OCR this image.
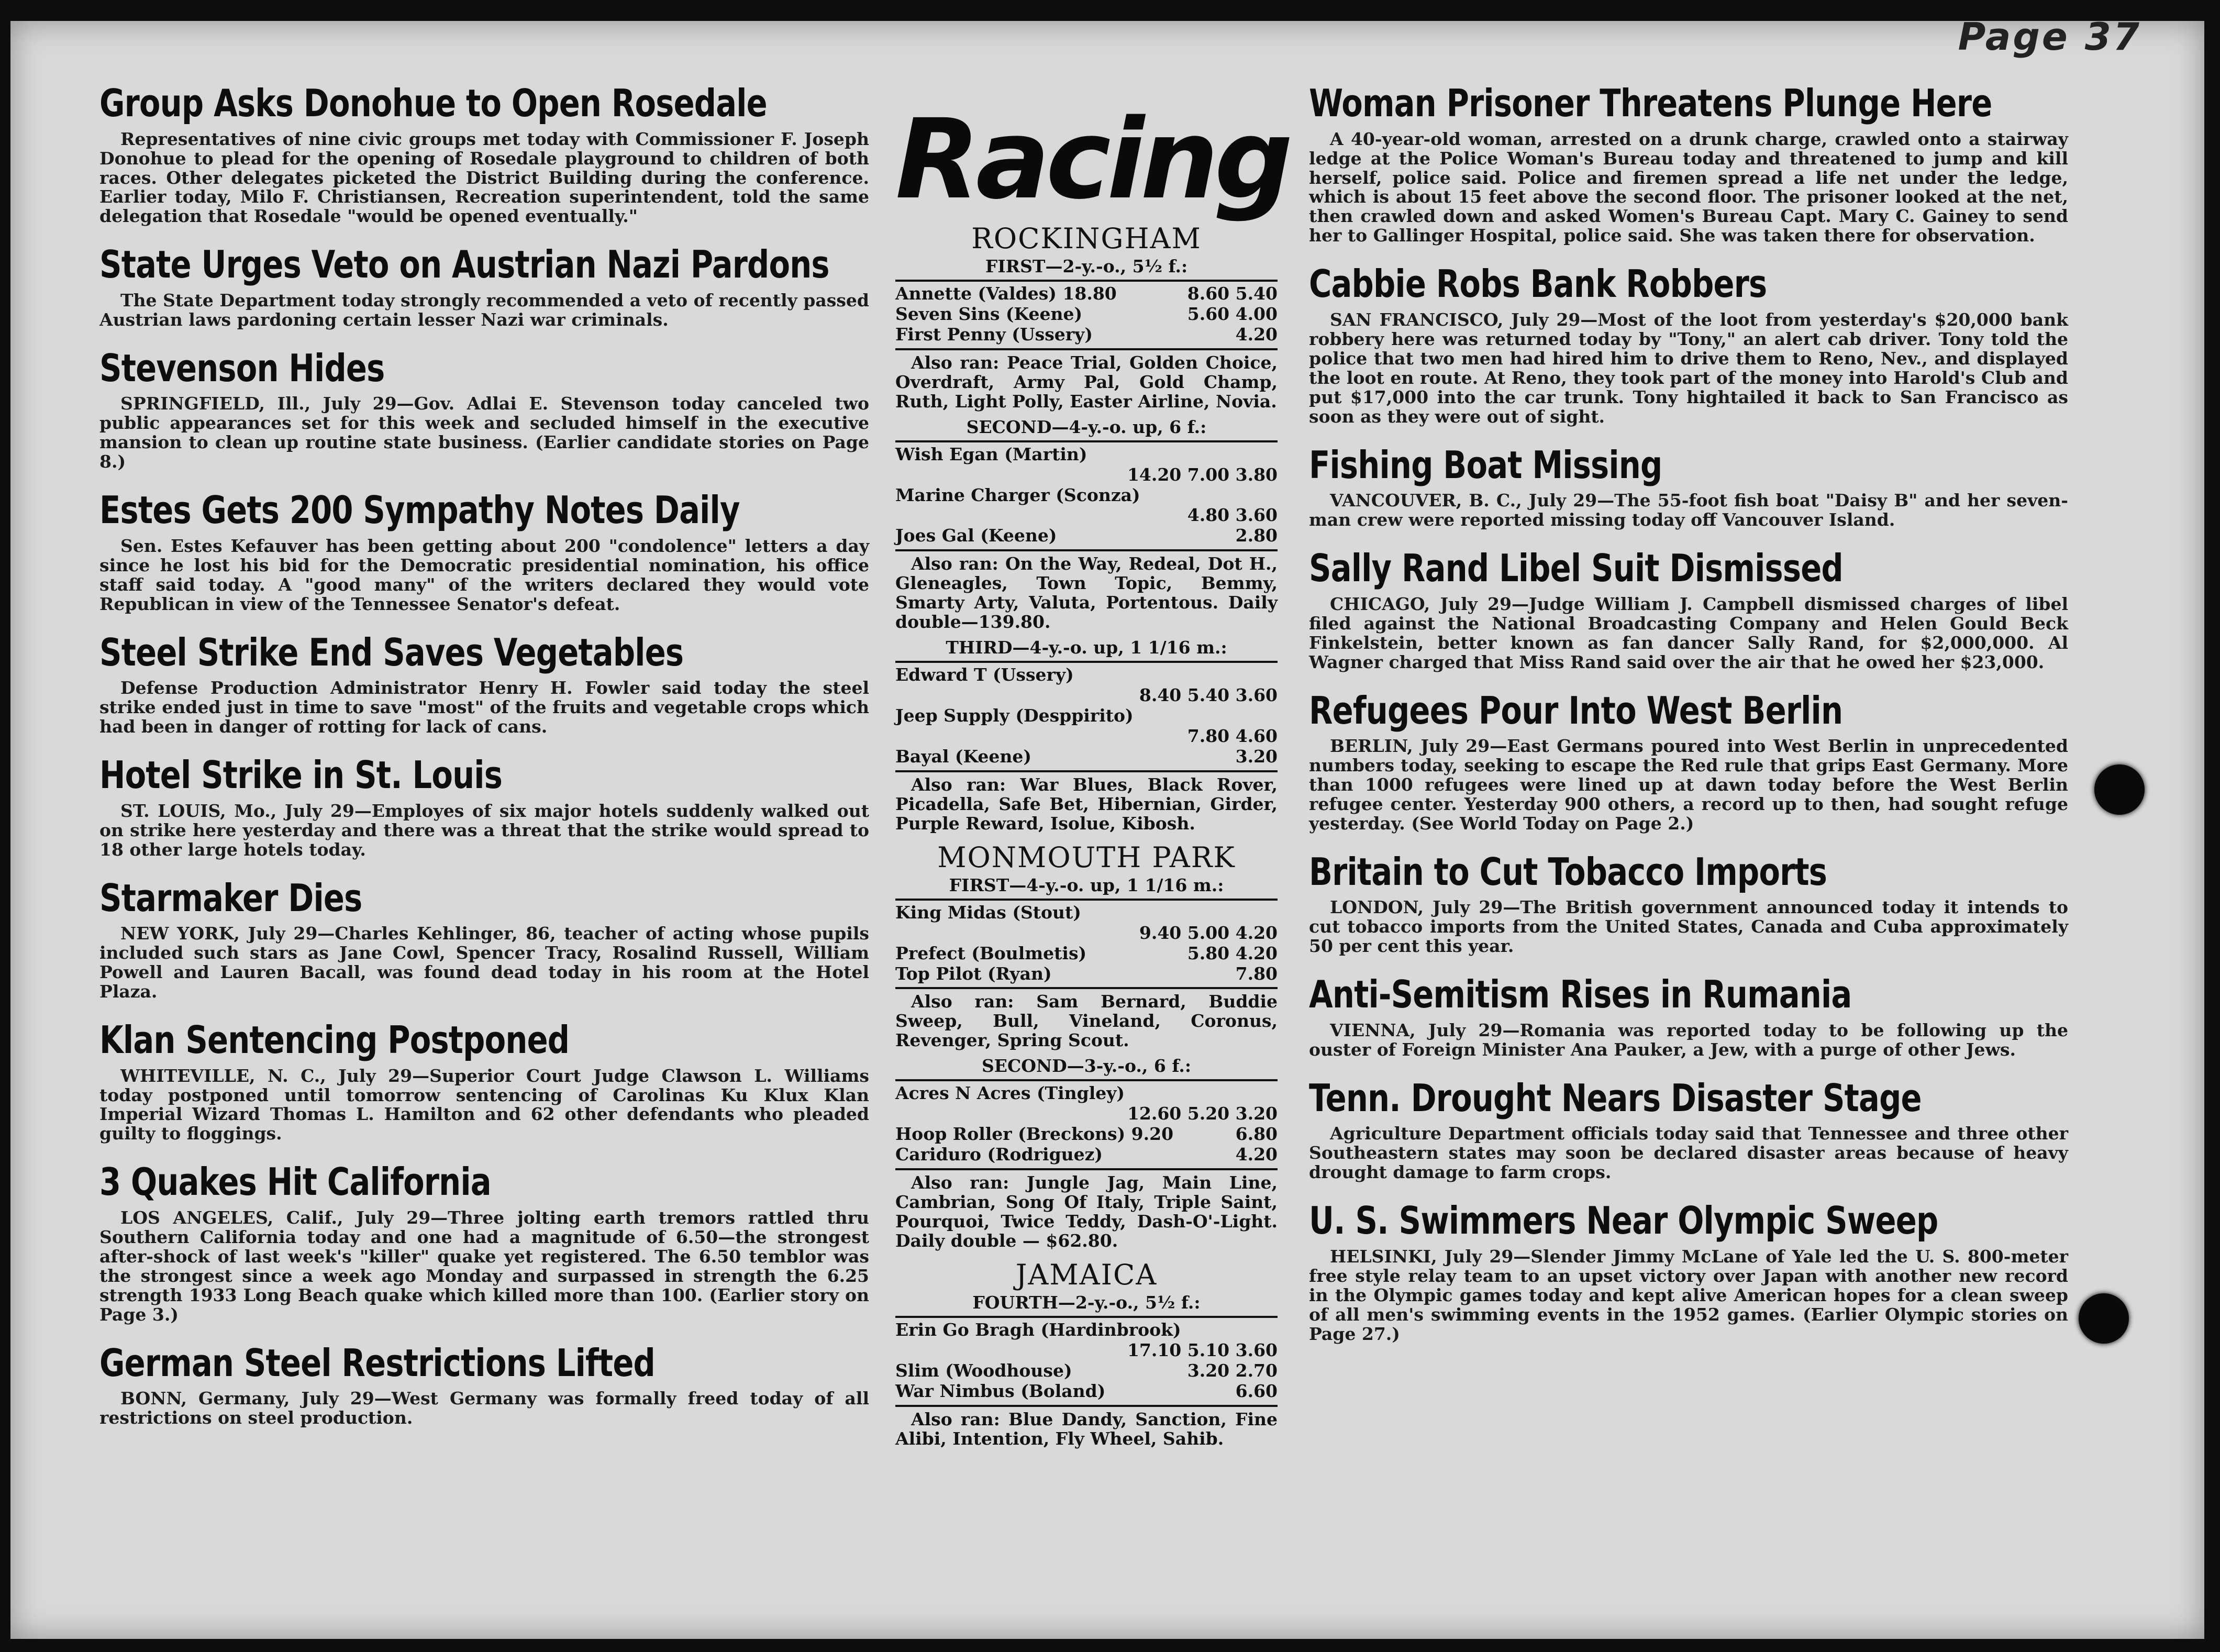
Page 37
Group Asks Donohue to Open Rosedale

Representatives of nine civic groups met today with Commissioner F. Joseph Donohue to plead for the opening of Rosedale playground to children of both races. Other delegates picketed the District Building during the conference. Earlier today, Milo F. Christiansen, Recreation superintendent, told the same delegation that Rosedale "would be opened eventually."

State Urges Veto on Austrian Nazi Pardons

The State Department today strongly recommended a veto of recently passed Austrian laws pardoning certain lesser Nazi war criminals.

Stevenson Hides

SPRINGFIELD, Ill., July 29—Gov. Adlai E. Stevenson today canceled two public appearances set for this week and secluded himself in the executive mansion to clean up routine state business. (Earlier candidate stories on Page 8.)

Estes Gets 200 Sympathy Notes Daily

Sen. Estes Kefauver has been getting about 200 "condolence" letters a day since he lost his bid for the Democratic presidential nomination, his office staff said today. A "good many" of the writers declared they would vote Republican in view of the Tennessee Senator's defeat.

Steel Strike End Saves Vegetables

Defense Production Administrator Henry H. Fowler said today the steel strike ended just in time to save "most" of the fruits and vegetable crops which had been in danger of rotting for lack of cans.

Hotel Strike in St. Louis

ST. LOUIS, Mo., July 29—Employes of six major hotels suddenly walked out on strike here yesterday and there was a threat that the strike would spread to 18 other large hotels today.

Starmaker Dies

NEW YORK, July 29—Charles Kehlinger, 86, teacher of acting whose pupils included such stars as Jane Cowl, Spencer Tracy, Rosalind Russell, William Powell and Lauren Bacall, was found dead today in his room at the Hotel Plaza.

Klan Sentencing Postponed

WHITEVILLE, N. C., July 29—Superior Court Judge Clawson L. Williams today postponed until tomorrow sentencing of Carolinas Ku Klux Klan Imperial Wizard Thomas L. Hamilton and 62 other defendants who pleaded guilty to floggings.

3 Quakes Hit California

LOS ANGELES, Calif., July 29—Three jolting earth tremors rattled thru Southern California today and one had a magnitude of 6.50—the strongest after-shock of last week's "killer" quake yet registered. The 6.50 temblor was the strongest since a week ago Monday and surpassed in strength the 6.25 strength 1933 Long Beach quake which killed more than 100. (Earlier story on Page 3.)

German Steel Restrictions Lifted

BONN, Germany, July 29—West Germany was formally freed today of all restrictions on steel production.

Racing
ROCKINGHAM
FIRST—2-y.-o., 5½ f.:
Annette (Valdes) 18.80	8.60 5.40
Seven Sins (Keene)	5.60 4.00
First Penny (Ussery)	4.20
Also ran: Peace Trial, Golden Choice, Overdraft, Army Pal, Gold Champ, Ruth, Light Polly, Easter Airline, Novia.
SECOND—4-y.-o. up, 6 f.:
Wish Egan (Martin)
14.20 7.00 3.80
Marine Charger (Sconza)
4.80 3.60
Joes Gal (Keene)	2.80
Also ran: On the Way, Redeal, Dot H., Gleneagles, Town Topic, Bemmy, Smarty Arty, Valuta, Portentous. Daily double—139.80.
THIRD—4-y.-o. up, 1 1/16 m.:
Edward T (Ussery)
8.40 5.40 3.60
Jeep Supply (Desppirito)
7.80 4.60
Bayal (Keene)	3.20
Also ran: War Blues, Black Rover, Picadella, Safe Bet, Hibernian, Girder, Purple Reward, Isolue, Kibosh.
MONMOUTH PARK
FIRST—4-y.-o. up, 1 1/16 m.:
King Midas (Stout)
9.40 5.00 4.20
Prefect (Boulmetis)	5.80 4.20
Top Pilot (Ryan)	7.80
Also ran: Sam Bernard, Buddie Sweep, Bull, Vineland, Coronus, Revenger, Spring Scout.
SECOND—3-y.-o., 6 f.:
Acres N Acres (Tingley)
12.60 5.20 3.20
Hoop Roller (Breckons) 9.20	6.80
Cariduro (Rodriguez)	4.20
Also ran: Jungle Jag, Main Line, Cambrian, Song Of Italy, Triple Saint, Pourquoi, Twice Teddy, Dash-O'-Light. Daily double — $62.80.
JAMAICA
FOURTH—2-y.-o., 5½ f.:
Erin Go Bragh (Hardinbrook)
17.10 5.10 3.60
Slim (Woodhouse)	3.20 2.70
War Nimbus (Boland)	6.60
Also ran: Blue Dandy, Sanction, Fine Alibi, Intention, Fly Wheel, Sahib.
Woman Prisoner Threatens Plunge Here

A 40-year-old woman, arrested on a drunk charge, crawled onto a stairway ledge at the Police Woman's Bureau today and threatened to jump and kill herself, police said. Police and firemen spread a life net under the ledge, which is about 15 feet above the second floor. The prisoner looked at the net, then crawled down and asked Women's Bureau Capt. Mary C. Gainey to send her to Gallinger Hospital, police said. She was taken there for observation.

Cabbie Robs Bank Robbers

SAN FRANCISCO, July 29—Most of the loot from yesterday's $20,000 bank robbery here was returned today by "Tony," an alert cab driver. Tony told the police that two men had hired him to drive them to Reno, Nev., and displayed the loot en route. At Reno, they took part of the money into Harold's Club and put $17,000 into the car trunk. Tony hightailed it back to San Francisco as soon as they were out of sight.

Fishing Boat Missing

VANCOUVER, B. C., July 29—The 55-foot fish boat "Daisy B" and her seven-man crew were reported missing today off Vancouver Island.

Sally Rand Libel Suit Dismissed

CHICAGO, July 29—Judge William J. Campbell dismissed charges of libel filed against the National Broadcasting Company and Helen Gould Beck Finkelstein, better known as fan dancer Sally Rand, for $2,000,000. Al Wagner charged that Miss Rand said over the air that he owed her $23,000.

Refugees Pour Into West Berlin

BERLIN, July 29—East Germans poured into West Berlin in unprecedented numbers today, seeking to escape the Red rule that grips East Germany. More than 1000 refugees were lined up at dawn today before the West Berlin refugee center. Yesterday 900 others, a record up to then, had sought refuge yesterday. (See World Today on Page 2.)

Britain to Cut Tobacco Imports

LONDON, July 29—The British government announced today it intends to cut tobacco imports from the United States, Canada and Cuba approximately 50 per cent this year.

Anti-Semitism Rises in Rumania

VIENNA, July 29—Romania was reported today to be following up the ouster of Foreign Minister Ana Pauker, a Jew, with a purge of other Jews.

Tenn. Drought Nears Disaster Stage

Agriculture Department officials today said that Tennessee and three other Southeastern states may soon be declared disaster areas because of heavy drought damage to farm crops.

U. S. Swimmers Near Olympic Sweep

HELSINKI, July 29—Slender Jimmy McLane of Yale led the U. S. 800-meter free style relay team to an upset victory over Japan with another new record in the Olympic games today and kept alive American hopes for a clean sweep of all men's swimming events in the 1952 games. (Earlier Olympic stories on Page 27.)
